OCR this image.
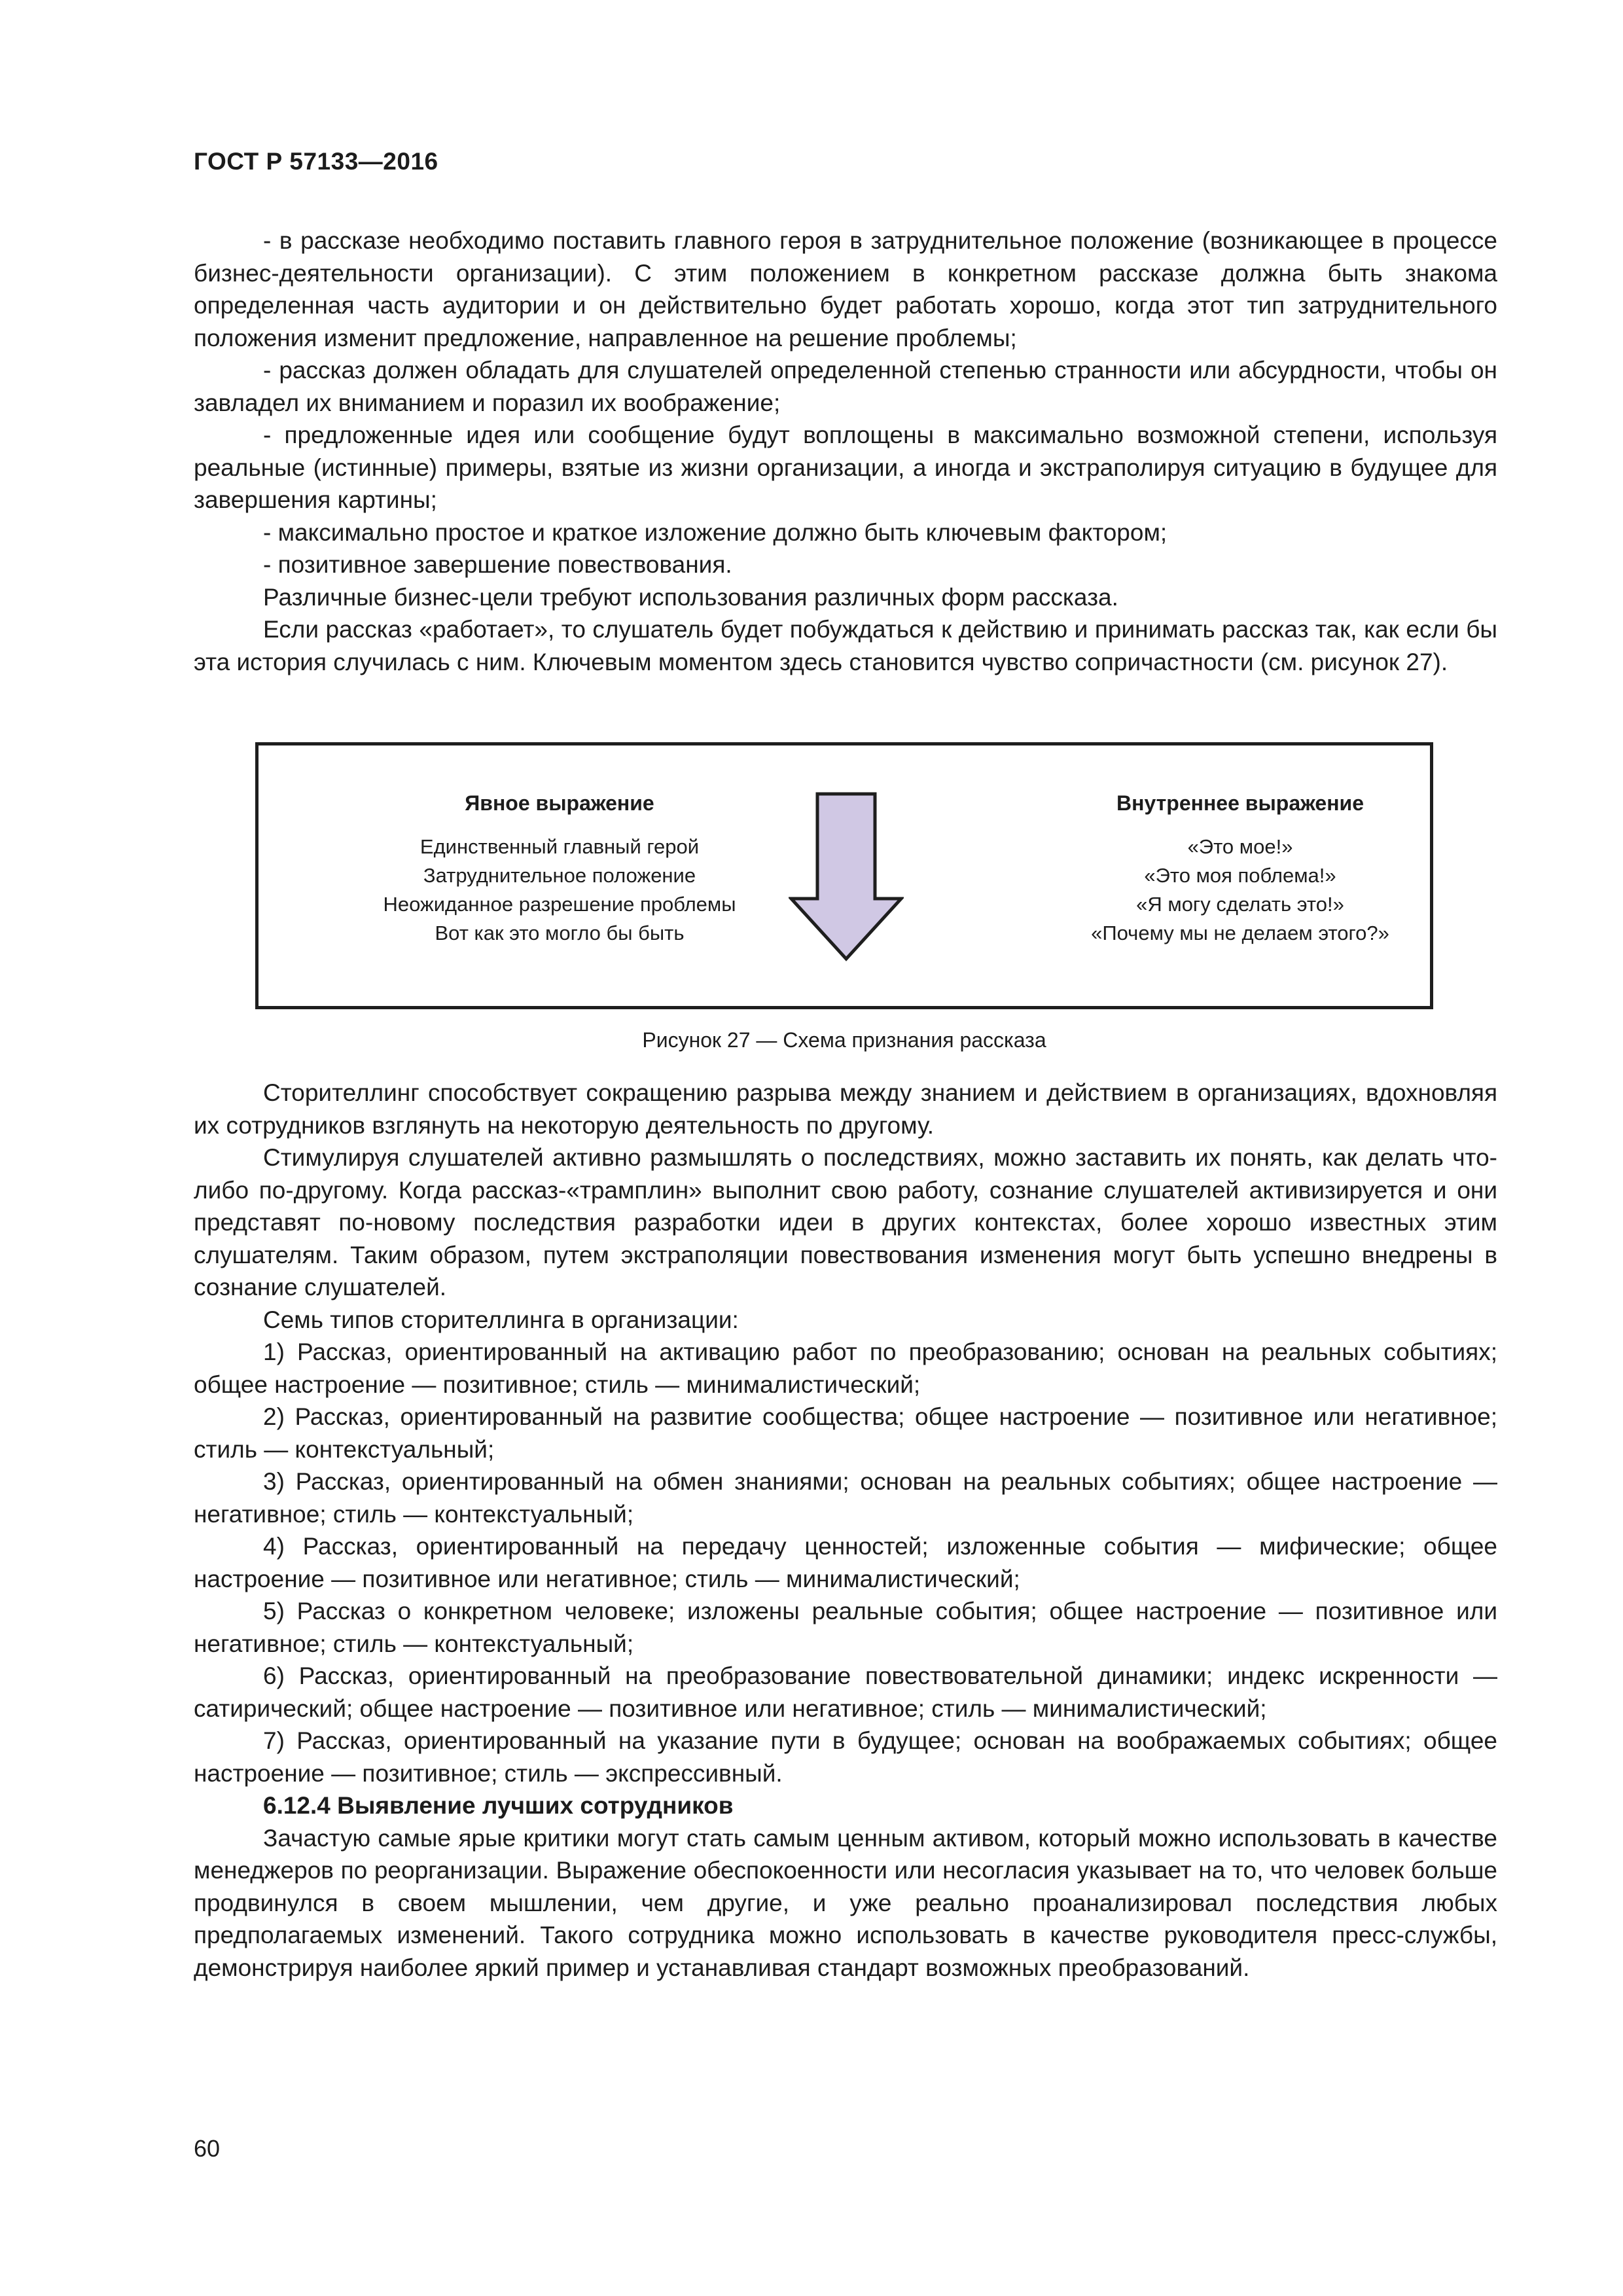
ГОСТ Р 57133—2016

- в рассказе необходимо поставить главного героя в затруднительное положение (возникающее в процессе бизнес-деятельности организации). С этим положением в конкретном рассказе должна быть знакома определенная часть аудитории и он действительно будет работать хорошо, когда этот тип затруднительного положения изменит предложение, направленное на решение проблемы;

- рассказ должен обладать для слушателей определенной степенью странности или абсурдности, чтобы он завладел их вниманием и поразил их воображение;

- предложенные идея или сообщение будут воплощены в максимально возможной степени, используя реальные (истинные) примеры, взятые из жизни организации, а иногда и экстраполируя ситуацию в будущее для завершения картины;

- максимально простое и краткое изложение должно быть ключевым фактором;

- позитивное завершение повествования.

Различные бизнес-цели требуют использования различных форм рассказа.

Если рассказ «работает», то слушатель будет побуждаться к действию и принимать рассказ так, как если бы эта история случилась с ним. Ключевым моментом здесь становится чувство сопричастности (см. рисунок 27).

Явное выражение
Единственный главный герой
Затруднительное положение
Неожиданное разрешение проблемы
Вот как это могло бы быть
Внутреннее выражение
«Это мое!»
«Это моя поблема!»
«Я могу сделать это!»
«Почему мы не делаем этого?»
Рисунок 27 — Схема признания рассказа

Сторителлинг способствует сокращению разрыва между знанием и действием в организациях, вдохновляя их сотрудников взглянуть на некоторую деятельность по другому.

Стимулируя слушателей активно размышлять о последствиях, можно заставить их понять, как делать что-либо по-другому. Когда рассказ-«трамплин» выполнит свою работу, сознание слушателей активизируется и они представят по-новому последствия разработки идеи в других контекстах, более хорошо известных этим слушателям. Таким образом, путем экстраполяции повествования изменения могут быть успешно внедрены в сознание слушателей.

Семь типов сторителлинга в организации:

1) Рассказ, ориентированный на активацию работ по преобразованию; основан на реальных событиях; общее настроение — позитивное; стиль — минималистический;

2) Рассказ, ориентированный на развитие сообщества; общее настроение — позитивное или негативное; стиль — контекстуальный;

3) Рассказ, ориентированный на обмен знаниями; основан на реальных событиях; общее настроение — негативное; стиль — контекстуальный;

4) Рассказ, ориентированный на передачу ценностей; изложенные события — мифические; общее настроение — позитивное или негативное; стиль — минималистический;

5) Рассказ о конкретном человеке; изложены реальные события; общее настроение — позитивное или негативное; стиль — контекстуальный;

6) Рассказ, ориентированный на преобразование повествовательной динамики; индекс искренности — сатирический; общее настроение — позитивное или негативное; стиль — минималистический;

7) Рассказ, ориентированный на указание пути в будущее; основан на воображаемых событиях; общее настроение — позитивное; стиль — экспрессивный.

6.12.4 Выявление лучших сотрудников

Зачастую самые ярые критики могут стать самым ценным активом, который можно использовать в качестве менеджеров по реорганизации. Выражение обеспокоенности или несогласия указывает на то, что человек больше продвинулся в своем мышлении, чем другие, и уже реально проанализировал последствия любых предполагаемых изменений. Такого сотрудника можно использовать в качестве руководителя пресс-службы, демонстрируя наиболее яркий пример и устанавливая стандарт возможных преобразований.

60
